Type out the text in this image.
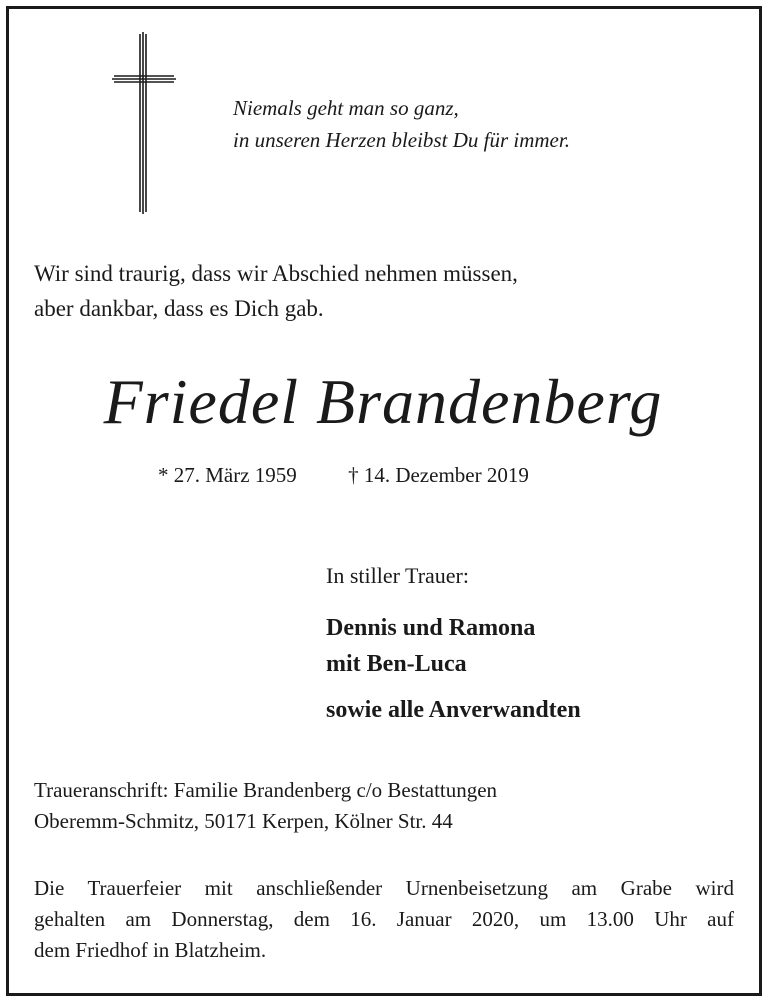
Niemals geht man so ganz,
in unseren Herzen bleibst Du für immer.
Wir sind traurig, dass wir Abschied nehmen müssen,
aber dankbar, dass es Dich gab.
Friedel Brandenberg
* 27. März 1959 † 14. Dezember 2019
In stiller Trauer:
Dennis und Ramona
mit Ben-Luca
sowie alle Anverwandten
Traueranschrift: Familie Brandenberg c/o Bestattungen
Oberemm-Schmitz, 50171 Kerpen, Kölner Str. 44
Die Trauerfeier mit anschließender Urnenbeisetzung am Grabe wird
gehalten am Donnerstag, dem 16. Januar 2020, um 13.00 Uhr auf
dem Friedhof in Blatzheim.
